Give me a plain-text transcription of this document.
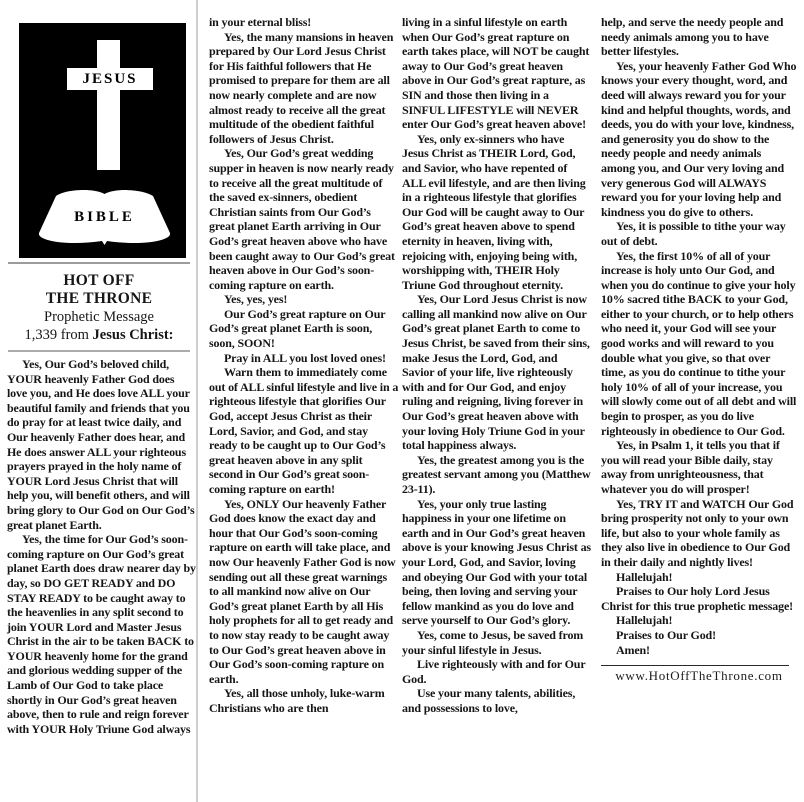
JESUS
BIBLE
HOT OFF
THE THRONE
Prophetic Message
1,339 from Jesus Christ:

Yes, Our God’s beloved child, YOUR heavenly Father God does love you, and He does love ALL your beautiful family and friends that you do pray for at least twice daily, and Our heavenly Father does hear, and He does answer ALL your righteous prayers prayed in the holy name of YOUR Lord Jesus Christ that will help you, will benefit others, and will bring glory to Our God on Our God’s great planet Earth.

Yes, the time for Our God’s soon-coming rapture on Our God’s great planet Earth does draw nearer day by day, so DO GET READY and DO STAY READY to be caught away to the heavenlies in any split second to join YOUR Lord and Master Jesus Christ in the air to be taken BACK to YOUR heavenly home for the grand and glorious wedding supper of the Lamb of Our God to take place shortly in Our God’s great heaven above, then to rule and reign forever with YOUR Holy Triune God always

in your eternal bliss!

Yes, the many mansions in heaven prepared by Our Lord Jesus Christ for His faithful followers that He promised to prepare for them are all now nearly complete and are now almost ready to receive all the great multitude of the obedient faithful followers of Jesus Christ.

Yes, Our God’s great wedding supper in heaven is now nearly ready to receive all the great multitude of the saved ex-sinners, obedient Christian saints from Our God’s great planet Earth arriving in Our God’s great heaven above who have been caught away to Our God’s great heaven above in Our God’s soon-coming rapture on earth.

Yes, yes, yes!

Our God’s great rapture on Our God’s great planet Earth is soon, soon, SOON!

Pray in ALL you lost loved ones!

Warn them to immediately come out of ALL sinful lifestyle and live in a righteous lifestyle that glorifies Our God, accept Jesus Christ as their Lord, Savior, and God, and stay ready to be caught up to Our God’s great heaven above in any split second in Our God’s great soon-coming rapture on earth!

Yes, ONLY Our heavenly Father God does know the exact day and hour that Our God’s soon-coming rapture on earth will take place, and now Our heavenly Father God is now sending out all these great warnings to all mankind now alive on Our God’s great planet Earth by all His holy prophets for all to get ready and to now stay ready to be caught away to Our God’s great heaven above in Our God’s soon-coming rapture on earth.

Yes, all those unholy, luke-warm Christians who are then

living in a sinful lifestyle on earth when Our God’s great rapture on earth takes place, will NOT be caught away to Our God’s great heaven above in Our God’s great rapture, as SIN and those then living in a SINFUL LIFESTYLE will NEVER enter Our God’s great heaven above!

Yes, only ex-sinners who have Jesus Christ as THEIR Lord, God, and Savior, who have repented of ALL evil lifestyle, and are then living in a righteous lifestyle that glorifies Our God will be caught away to Our God’s great heaven above to spend eternity in heaven, living with, rejoicing with, enjoying being with, worshipping with, THEIR Holy Triune God throughout eternity.

Yes, Our Lord Jesus Christ is now calling all mankind now alive on Our God’s great planet Earth to come to Jesus Christ, be saved from their sins, make Jesus the Lord, God, and Savior of your life, live righteously with and for Our God, and enjoy ruling and reigning, living forever in Our God’s great heaven above with your loving Holy Triune God in your total happiness always.

Yes, the greatest among you is the greatest servant among you (Matthew 23-11).

Yes, your only true lasting happiness in your one lifetime on earth and in Our God’s great heaven above is your knowing Jesus Christ as your Lord, God, and Savior, loving and obeying Our God with your total being, then loving and serving your fellow mankind as you do love and serve yourself to Our God’s glory.

Yes, come to Jesus, be saved from your sinful lifestyle in Jesus.

Live righteously with and for Our God.

Use your many talents, abilities, and possessions to love,

help, and serve the needy people and needy animals among you to have better lifestyles.

Yes, your heavenly Father God Who knows your every thought, word, and deed will always reward you for your kind and helpful thoughts, words, and deeds, you do with your love, kindness, and generosity you do show to the needy people and needy animals among you, and Our very loving and very generous God will ALWAYS reward you for your loving help and kindness you do give to others.

Yes, it is possible to tithe your way out of debt.

Yes, the first 10% of all of your increase is holy unto Our God, and when you do continue to give your holy 10% sacred tithe BACK to your God, either to your church, or to help others who need it, your God will see your good works and will reward to you double what you give, so that over time, as you do continue to tithe your holy 10% of all of your increase, you will slowly come out of all debt and will begin to prosper, as you do live righteously in obedience to Our God.

Yes, in Psalm 1, it tells you that if you will read your Bible daily, stay away from unrighteousness, that whatever you do will prosper!

Yes, TRY IT and WATCH Our God bring prosperity not only to your own life, but also to your whole family as they also live in obedience to Our God in their daily and nightly lives!

Hallelujah!

Praises to Our holy Lord Jesus Christ for this true prophetic message!

Hallelujah!

Praises to Our God!

Amen!

www.HotOffTheThrone.com
